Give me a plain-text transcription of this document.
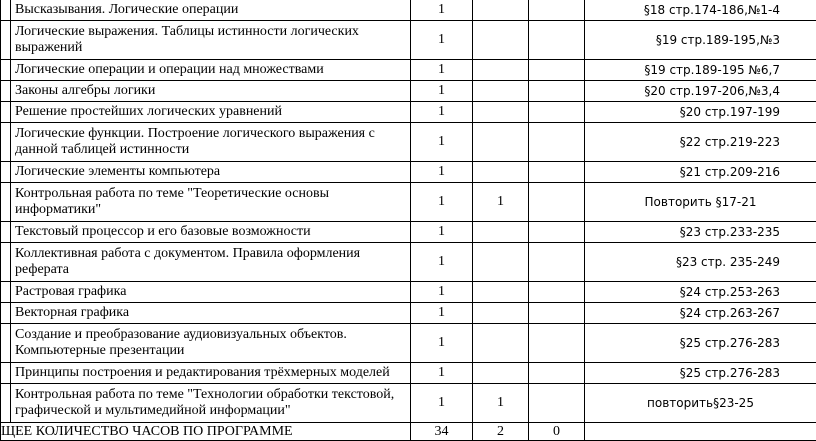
	Высказывания. Логические операции	1			§18 стр.174-186,№1-4
	Логические выражения. Таблицы истинности логических выражений	1			§19 стр.189-195,№3
	Логические операции и операции над множествами	1			§19 стр.189-195 №6,7
	Законы алгебры логики	1			§20 стр.197-206,№3,4
	Решение простейших логических уравнений	1			§20 стр.197-199
	Логические функции. Построение логического выражения с данной таблицей истинности	1			§22 стр.219-223
	Логические элементы компьютера	1			§21 стр.209-216
	Контрольная работа по теме "Теоретические основы информатики"	1	1		Повторить §17-21
	Текстовый процессор и его базовые возможности	1			§23 стр.233-235
	Коллективная работа с документом. Правила оформления реферата	1			§23 стр. 235-249
	Растровая графика	1			§24 стр.253-263
	Векторная графика	1			§24 стр.263-267
	Создание и преобразование аудиовизуальных объектов. Компьютерные презентации	1			§25 стр.276-283
	Принципы построения и редактирования трёхмерных моделей	1			§25 стр.276-283
	Контрольная работа по теме "Технологии обработки текстовой, графической и мультимедийной информации"	1	1		повторить§23-25
ЩЕЕ КОЛИЧЕСТВО ЧАСОВ ПО ПРОГРАММЕ		34	2	0	
